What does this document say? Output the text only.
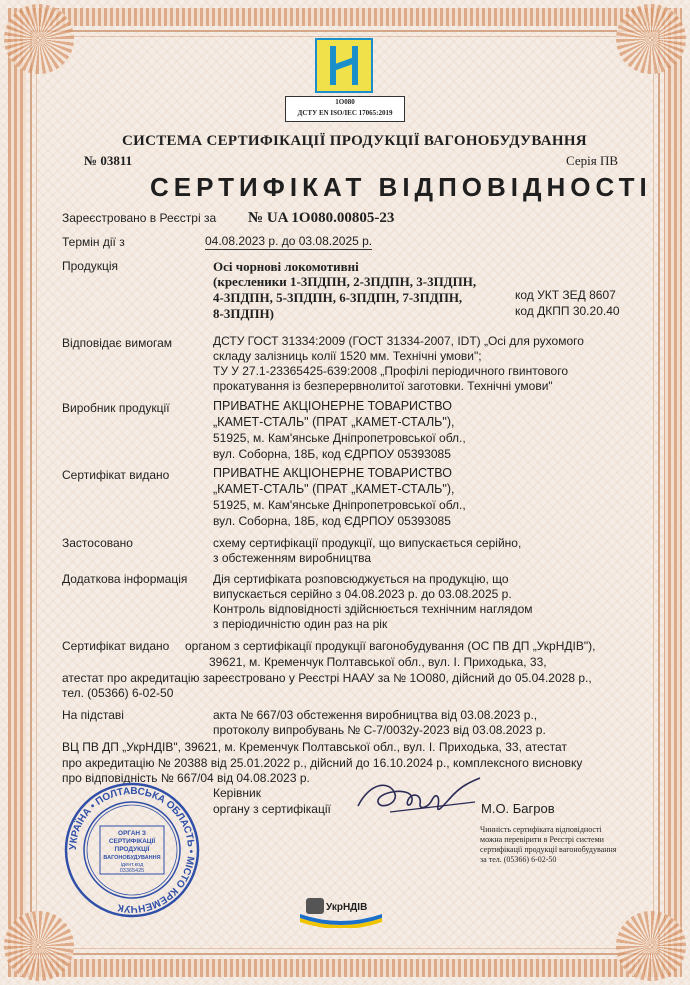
1O080
ДСТУ EN ISO/IEC 17065:2019
СИСТЕМА СЕРТИФІКАЦІЇ ПРОДУКЦІЇ ВАГОНОБУДУВАННЯ
№ 03811	Серія ПВ
СЕРТИФІКАТ ВІДПОВІДНОСТІ
Зареєстровано в Реєстрі за № UA 1O080.00805-23
Термін дії з	04.08.2023 р. до 03.08.2025 р.
Продукція	Осі чорнові локомотивні
(кресленики 1-3ПДПН, 2-3ПДПН, 3-3ПДПН,
4-3ПДПН, 5-3ПДПН, 6-3ПДПН, 7-3ПДПН,
8-3ПДПН)
код УКТ ЗЕД 8607
код ДКПП 30.20.40
Відповідає вимогам	ДСТУ ГОСТ 31334:2009 (ГОСТ 31334-2007, IDT) „Осі для рухомого
складу залізниць колії 1520 мм. Технічні умови";
ТУ У 27.1-23365425-639:2008 „Профілі періодичного гвинтового
прокатування із безперервнолитої заготовки. Технічні умови"
Виробник продукції	ПРИВАТНЕ АКЦІОНЕРНЕ ТОВАРИСТВО
„КАМЕТ-СТАЛЬ" (ПРАТ „КАМЕТ-СТАЛЬ"),
51925, м. Кам'янське Дніпропетровської обл.,
вул. Соборна, 18Б, код ЄДРПОУ 05393085
Сертифікат видано	ПРИВАТНЕ АКЦІОНЕРНЕ ТОВАРИСТВО
„КАМЕТ-СТАЛЬ" (ПРАТ „КАМЕТ-СТАЛЬ"),
51925, м. Кам'янське Дніпропетровської обл.,
вул. Соборна, 18Б, код ЄДРПОУ 05393085
Застосовано	схему сертифікації продукції, що випускається серійно,
з обстеженням виробництва
Додаткова інформація Дія сертифіката розповсюджується на продукцію, що
випускається серійно з 04.08.2023 р. до 03.08.2025 р.
Контроль відповідності здійснюється технічним наглядом
з періодичністю один раз на рік
Сертифікат видано органом з сертифікації продукції вагонобудування (ОС ПВ ДП „УкрНДІВ"),
39621, м. Кременчук Полтавської обл., вул. І. Приходька, 33,
атестат про акредитацію зареєстровано у Реєстрі НААУ за № 1O080, дійсний до 05.04.2028 р.,
тел. (05366) 6-02-50
На підставі	акта № 667/03 обстеження виробництва від 03.08.2023 р.,
протоколу випробувань № С-7/0032у-2023 від 03.08.2023 р.
ВЦ ПВ ДП „УкрНДІВ", 39621, м. Кременчук Полтавської обл., вул. І. Приходька, 33, атестат
про акредитацію № 20388 від 25.01.2022 р., дійсний до 16.10.2024 р., комплексного висновку
про відповідність № 667/04 від 04.08.2023 р.
Керівник
органу з сертифікації	М.О. Багров
УКРАЇНА • ПОЛТАВСЬКА ОБЛАСТЬ • МІСТО КРЕМЕНЧУК
ОРГАН З
СЕРТИФІКАЦІЇ
ПРОДУКЦІЇ
ВАГОНОБУДУВАННЯ
ідент.код
03365425
Чинність сертифіката відповідності
можна перевірити в Реєстрі системи
сертифікації продукції вагонобудування
за тел. (05366) 6-02-50
УкрНДІВ
